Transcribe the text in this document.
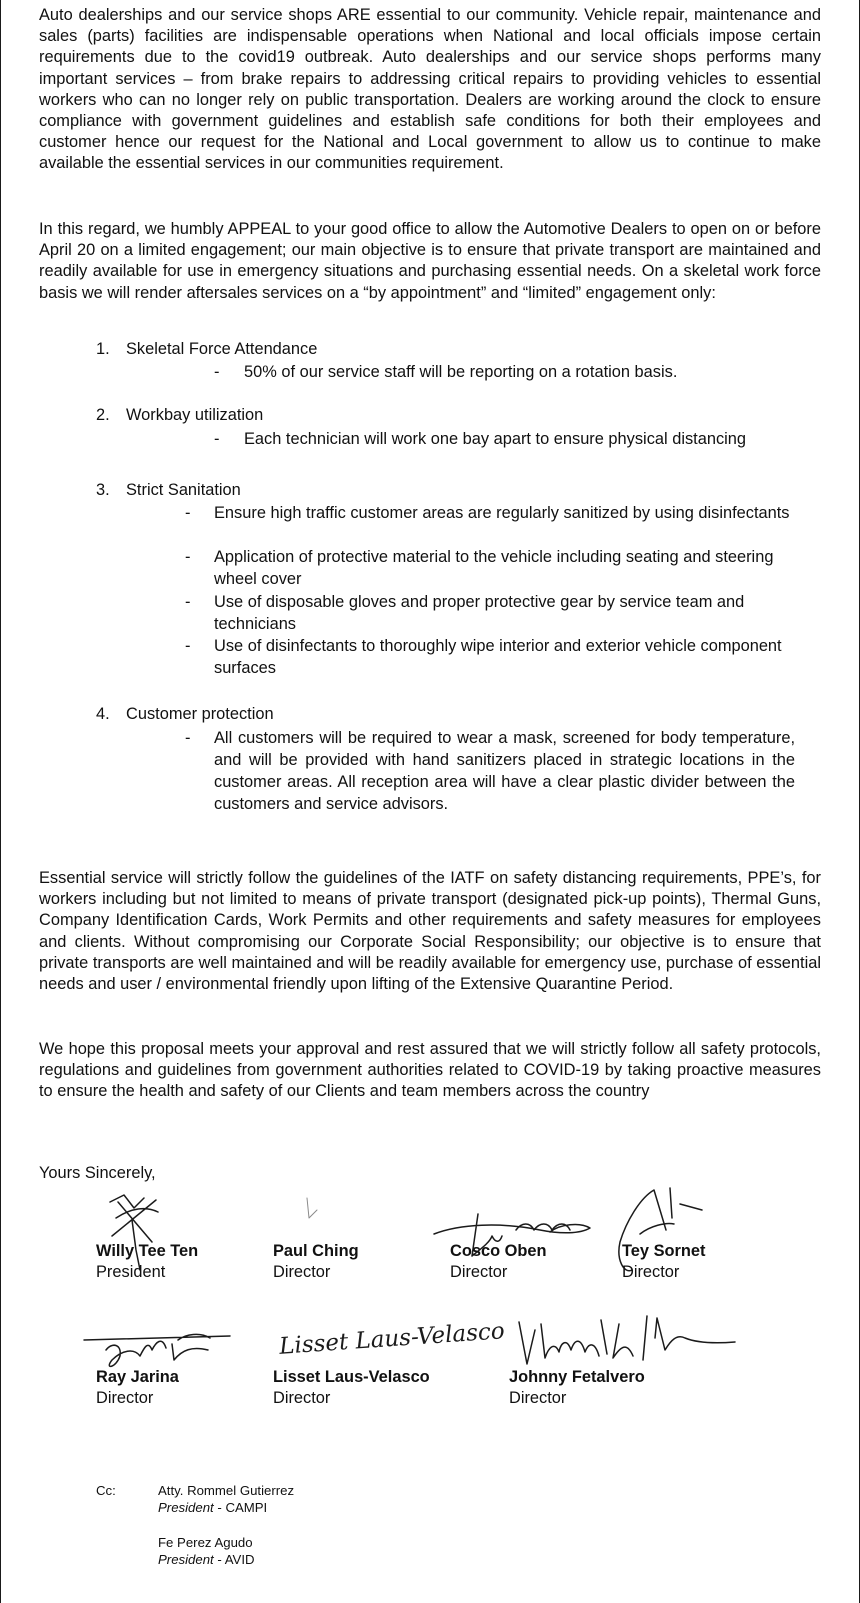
Auto dealerships and our service shops ARE essential to our community. Vehicle repair, maintenance and sales (parts) facilities are indispensable operations when National and local officials impose certain requirements due to the covid19 outbreak. Auto dealerships and our service shops performs many important services – from brake repairs to addressing critical repairs to providing vehicles to essential workers who can no longer rely on public transportation. Dealers are working around the clock to ensure compliance with government guidelines and establish safe conditions for both their employees and customer hence our request for the National and Local government to allow us to continue to make available the essential services in our communities requirement.

In this regard, we humbly APPEAL to your good office to allow the Automotive Dealers to open on or before April 20 on a limited engagement; our main objective is to ensure that private transport are maintained and readily available for use in emergency situations and purchasing essential needs. On a skeletal work force basis we will render aftersales services on a “by appointment” and “limited” engagement only:

1. Skeletal Force Attendance
-	50% of our service staff will be reporting on a rotation basis.
2. Workbay utilization
-	Each technician will work one bay apart to ensure physical distancing
3. Strict Sanitation
-	Ensure high traffic customer areas are regularly sanitized by using disinfectants
-	Application of protective material to the vehicle including seating and steering wheel cover
-	Use of disposable gloves and proper protective gear by service team and technicians
-	Use of disinfectants to thoroughly wipe interior and exterior vehicle component surfaces
4. Customer protection
-	All customers will be required to wear a mask, screened for body temperature, and will be provided with hand sanitizers placed in strategic locations in the customer areas. All reception area will have a clear plastic divider between the customers and service advisors.

Essential service will strictly follow the guidelines of the IATF on safety distancing requirements, PPE’s, for workers including but not limited to means of private transport (designated pick-up points), Thermal Guns, Company Identification Cards, Work Permits and other requirements and safety measures for employees and clients. Without compromising our Corporate Social Responsibility; our objective is to ensure that private transports are well maintained and will be readily available for emergency use, purchase of essential needs and user / environmental friendly upon lifting of the Extensive Quarantine Period.

We hope this proposal meets your approval and rest assured that we will strictly follow all safety protocols, regulations and guidelines from government authorities related to COVID-19 by taking proactive measures to ensure the health and safety of our Clients and team members across the country

Yours Sincerely,
Willy Tee Ten
President
Paul Ching
Director
Cosco Oben
Director
Tey Sornet
Director
Ray Jarina
Director
Lisset Laus-Velasco
Lisset Laus-Velasco
Director
Johnny Fetalvero
Director
Cc:	Atty. Rommel Gutierrez
President - CAMPI
Fe Perez Agudo
President - AVID
